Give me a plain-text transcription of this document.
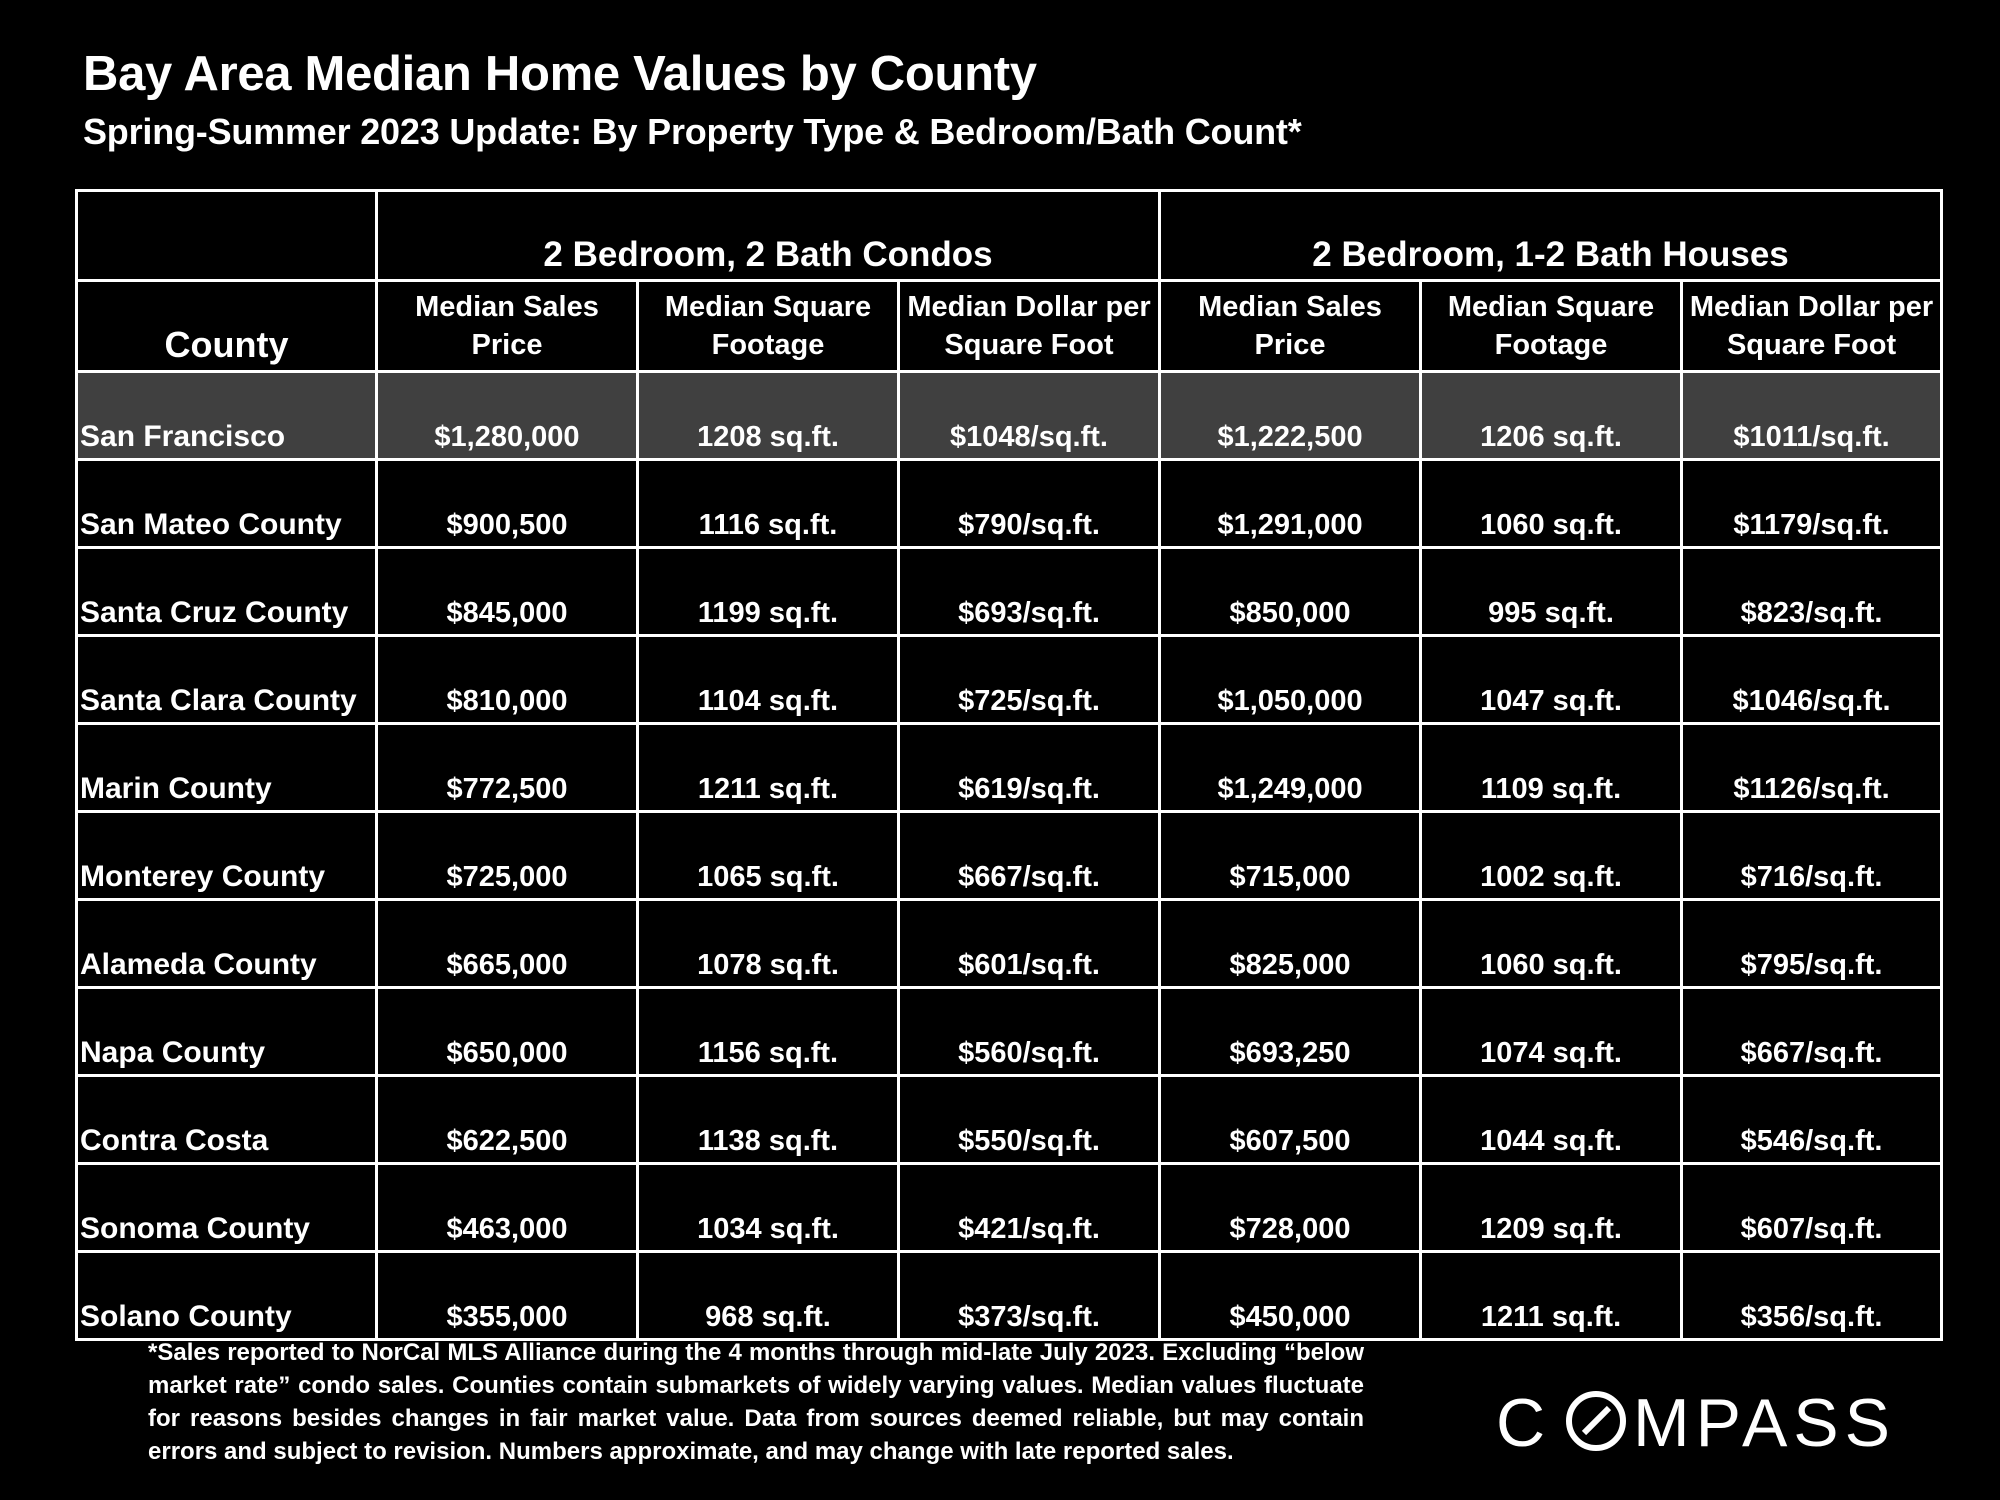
Bay Area Median Home Values by County
Spring-Summer 2023 Update: By Property Type & Bedroom/Bath Count*
	2 Bedroom, 2 Bath Condos			2 Bedroom, 1-2 Bath Houses		
County	Median Sales Price	Median Square Footage	Median Dollar per Square Foot	Median Sales Price	Median Square Footage	Median Dollar per Square Foot
San Francisco	$1,280,000	1208 sq.ft.	$1048/sq.ft.	$1,222,500	1206 sq.ft.	$1011/sq.ft.
San Mateo County	$900,500	1116 sq.ft.	$790/sq.ft.	$1,291,000	1060 sq.ft.	$1179/sq.ft.
Santa Cruz County	$845,000	1199 sq.ft.	$693/sq.ft.	$850,000	995 sq.ft.	$823/sq.ft.
Santa Clara County	$810,000	1104 sq.ft.	$725/sq.ft.	$1,050,000	1047 sq.ft.	$1046/sq.ft.
Marin County	$772,500	1211 sq.ft.	$619/sq.ft.	$1,249,000	1109 sq.ft.	$1126/sq.ft.
Monterey County	$725,000	1065 sq.ft.	$667/sq.ft.	$715,000	1002 sq.ft.	$716/sq.ft.
Alameda County	$665,000	1078 sq.ft.	$601/sq.ft.	$825,000	1060 sq.ft.	$795/sq.ft.
Napa County	$650,000	1156 sq.ft.	$560/sq.ft.	$693,250	1074 sq.ft.	$667/sq.ft.
Contra Costa	$622,500	1138 sq.ft.	$550/sq.ft.	$607,500	1044 sq.ft.	$546/sq.ft.
Sonoma County	$463,000	1034 sq.ft.	$421/sq.ft.	$728,000	1209 sq.ft.	$607/sq.ft.
Solano County	$355,000	968 sq.ft.	$373/sq.ft.	$450,000	1211 sq.ft.	$356/sq.ft.
*Sales reported to NorCal MLS Alliance during the 4 months through mid-late July 2023. Excluding “below market rate” condo sales. Counties contain submarkets of widely varying values. Median values fluctuate for reasons besides changes in fair market value. Data from sources deemed reliable, but may contain errors and subject to revision. Numbers approximate, and may change with late reported sales.	C MPASS
